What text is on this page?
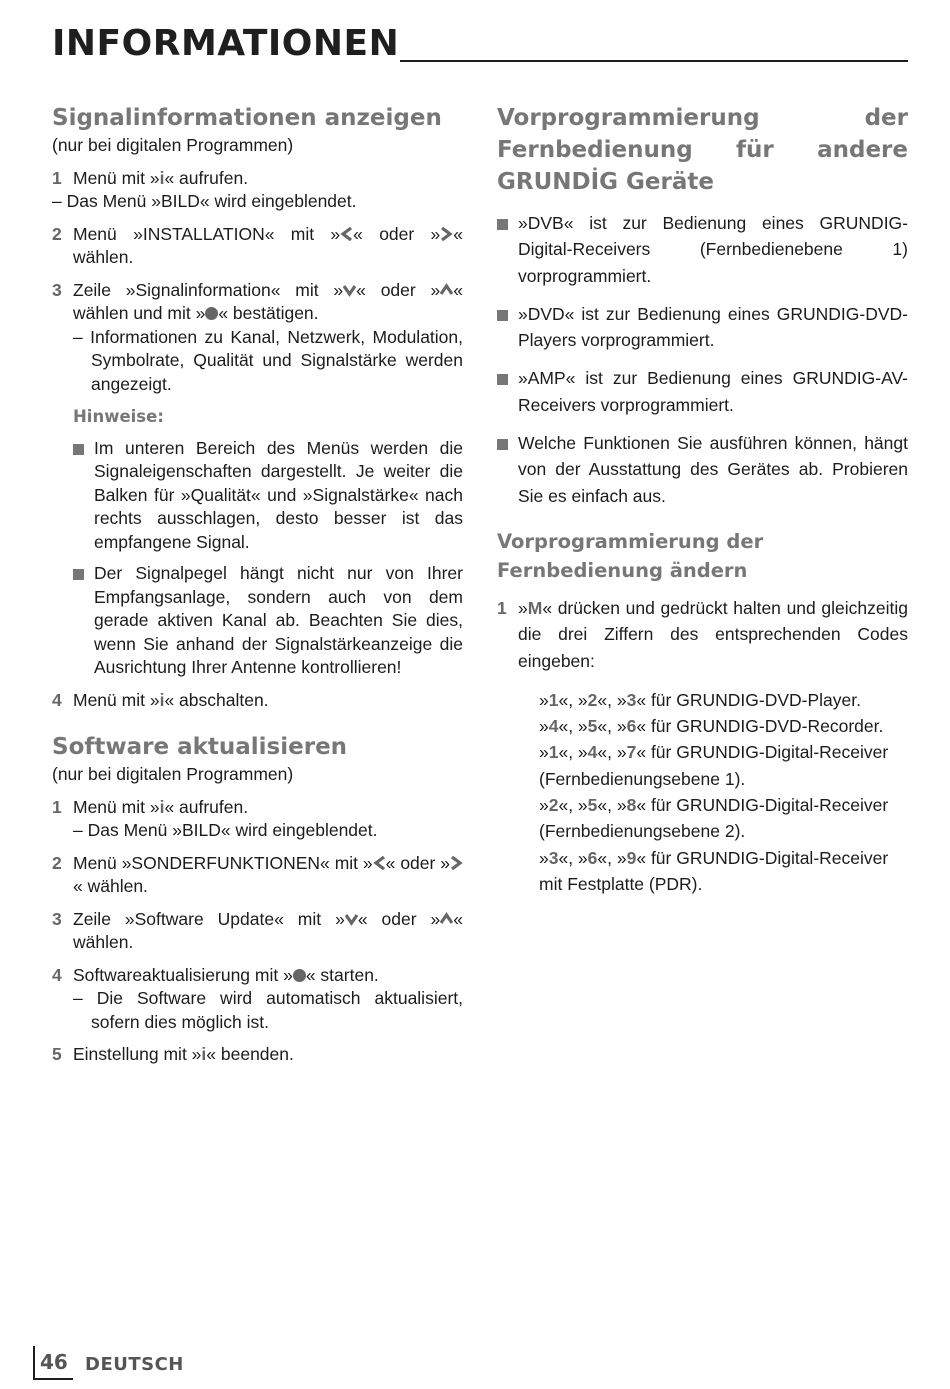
INFORMATIONEN
Signalinformationen anzeigen
(nur bei digitalen Programmen)
1 Menü mit »i« aufrufen.
– Das Menü »BILD« wird eingeblendet.
2 Menü »INSTALLATION« mit » « oder » « wählen.
3 Zeile »Signalinformation« mit » « oder » « wählen und mit » « bestätigen.
– Informationen zu Kanal, Netzwerk, Modulation, Symbolrate, Qualität und Signalstärke werden angezeigt.
Hinweise:
Im unteren Bereich des Menüs werden die Signaleigenschaften dargestellt. Je weiter die Balken für »Qualität« und »Signalstärke« nach rechts ausschlagen, desto besser ist das empfangene Signal.
Der Signalpegel hängt nicht nur von Ihrer Empfangsanlage, sondern auch von dem gerade aktiven Kanal ab. Beachten Sie dies, wenn Sie anhand der Signalstärkeanzeige die Ausrichtung Ihrer Antenne kontrollieren!
4 Menü mit »i« abschalten.
Software aktualisieren
(nur bei digitalen Programmen)
1 Menü mit »i« aufrufen.
– Das Menü »BILD« wird eingeblendet.
2 Menü »SONDERFUNKTIONEN« mit » « oder »« wählen.
3 Zeile »Software Update« mit » « oder » « wählen.
4 Softwareaktualisierung mit » « starten.
– Die Software wird automatisch aktualisiert, sofern dies möglich ist.
5 Einstellung mit »i« beenden.
Vorprogrammierung der Fernbedienung für andere GRUNDİG Geräte
»DVB« ist zur Bedienung eines GRUNDIG-Digital-Receivers (Fernbedienebene 1) vorprogrammiert.
»DVD« ist zur Bedienung eines GRUNDIG-DVD-Players vorprogrammiert.
»AMP« ist zur Bedienung eines GRUNDIG-AV-Receivers vorprogrammiert.
Welche Funktionen Sie ausführen können, hängt von der Ausstattung des Gerätes ab. Probieren Sie es einfach aus.
Vorprogrammierung der Fernbedienung ändern
1 »M« drücken und gedrückt halten und gleichzeitig die drei Ziffern des entsprechenden Codes eingeben:
»1«, »2«, »3« für GRUNDIG-DVD-Player.
»4«, »5«, »6« für GRUNDIG-DVD-Recorder.
»1«, »4«, »7« für GRUNDIG-Digital-Receiver (Fernbedienungsebene 1).
»2«, »5«, »8« für GRUNDIG-Digital-Receiver (Fernbedienungsebene 2).
»3«, »6«, »9« für GRUNDIG-Digital-Receiver mit Festplatte (PDR).
46 DEUTSCH
